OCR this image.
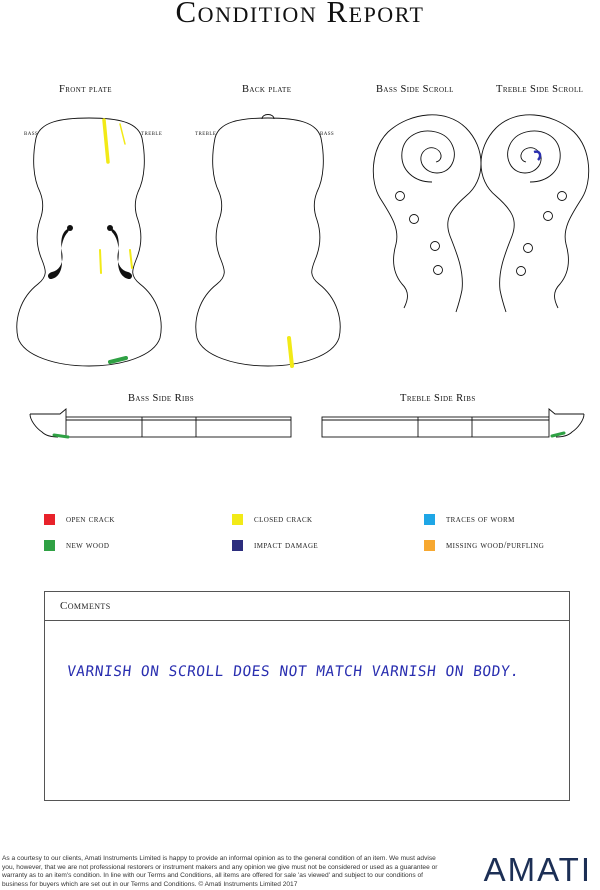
Condition Report
Front plate	Back plate	Bass Side Scroll	Treble Side Scroll
bass	treble	treble	bass
Bass Side Ribs	Treble Side Ribs
open crack	closed crack	traces of worm
new wood	impact damage	missing wood/purfling
Comments
VARNISH ON SCROLL DOES NOT MATCH VARNISH ON BODY.
As a courtesy to our clients, Amati Instruments Limited is happy to provide an informal opinion as to the general condition of an item. We must advise you, however, that we are not professional restorers or instrument makers and any opinion we give must not be considered or used as a guarantee or warranty as to an item's condition. In line with our Terms and Conditions, all items are offered for sale 'as viewed' and subject to our conditions of business for buyers which are set out in our Terms and Conditions. © Amati Instruments Limited 2017	AMATI
